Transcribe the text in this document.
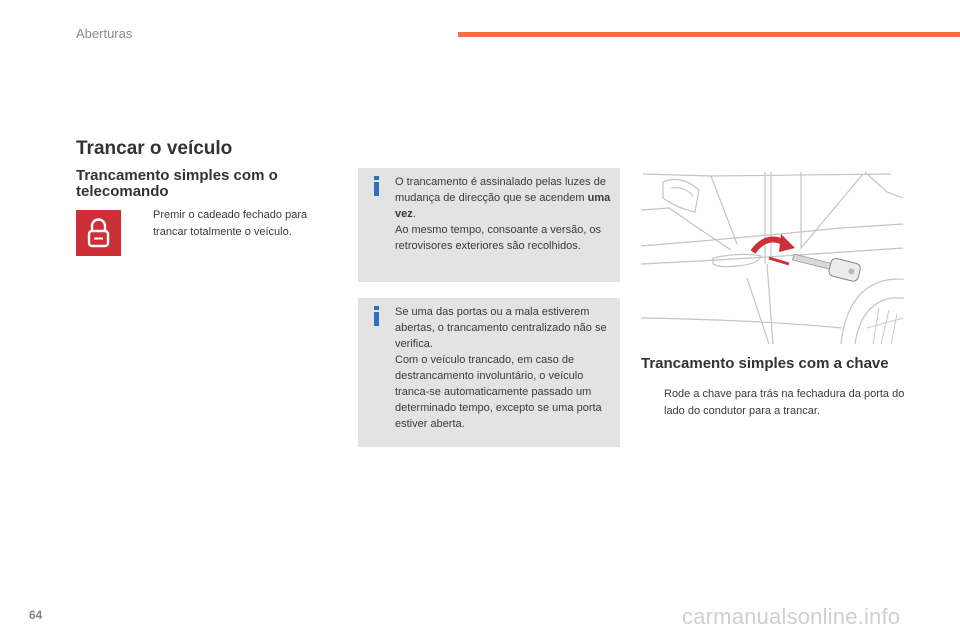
Aberturas
Trancar o veículo
Trancamento simples com o telecomando
Premir o cadeado fechado para trancar totalmente o veículo.

O trancamento é assinalado pelas luzes de mudança de direcção que se acendem uma vez.

Ao mesmo tempo, consoante a versão, os retrovisores exteriores são recolhidos.

Se uma das portas ou a mala estiverem abertas, o trancamento centralizado não se verifica.

Com o veículo trancado, em caso de destrancamento involuntário, o veículo tranca-se automaticamente passado um determinado tempo, excepto se uma porta estiver aberta.

Trancamento simples com a chave
Rode a chave para trás na fechadura da porta do lado do condutor para a trancar.
64	carmanualsonline.info
